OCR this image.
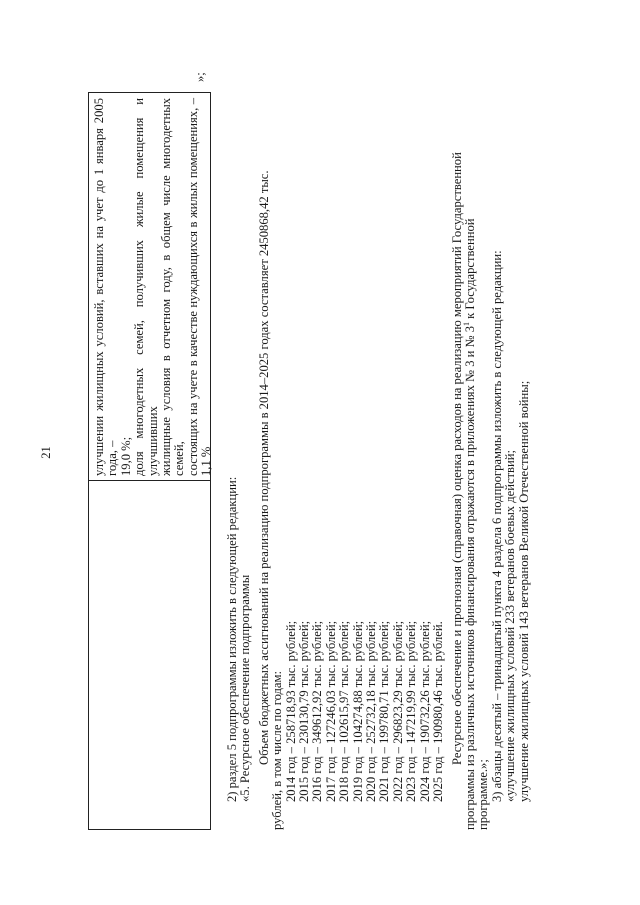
21	улучшении жилищных условий, вставших на учет до 1 января 2005 года, – 19,0 %; доля многодетных семей, получивших жилые помещения и улучшивших жилищные условия в отчетном году, в общем числе многодетных семей, состоящих на учете в качестве нуждающихся в жилых помещениях, – 1,1 %
»;

2) раздел 5 подпрограммы изложить в следующей редакции: «5. Ресурсное обеспечение подпрограммы Объем бюджетных ассигнований на реализацию подпрограммы в 2014–2025 годах составляет 2450868,42 тыс. рублей, в том числе по годам: 2014 год – 258718,93 тыс. рублей; 2015 год – 230130,79 тыс. рублей; 2016 год – 349612,92 тыс. рублей; 2017 год – 127246,03 тыс. рублей; 2018 год – 102615,97 тыс. рублей; 2019 год – 104274,88 тыс. рублей; 2020 год – 252732,18 тыс. рублей; 2021 год – 199780,71 тыс. рублей; 2022 год – 296823,29 тыс. рублей; 2023 год – 147219,99 тыс. рублей; 2024 год – 190732,26 тыс. рублей; 2025 год – 190980,46 тыс. рублей. Ресурсное обеспечение и прогнозная (справочная) оценка расходов на реализацию мероприятий Государственной программы из различных источников финансирования отражаются в приложениях № 3 и № $3^1$ к Государственной

программе.»; 3) абзацы десятый – тринадцатый пункта 4 раздела 6 подпрограммы изложить в следующей редакции: «улучшение жилищных условий 233 ветеранов боевых действий; улучшение жилищных условий 143 ветеранов Великой Отечественной войны;
